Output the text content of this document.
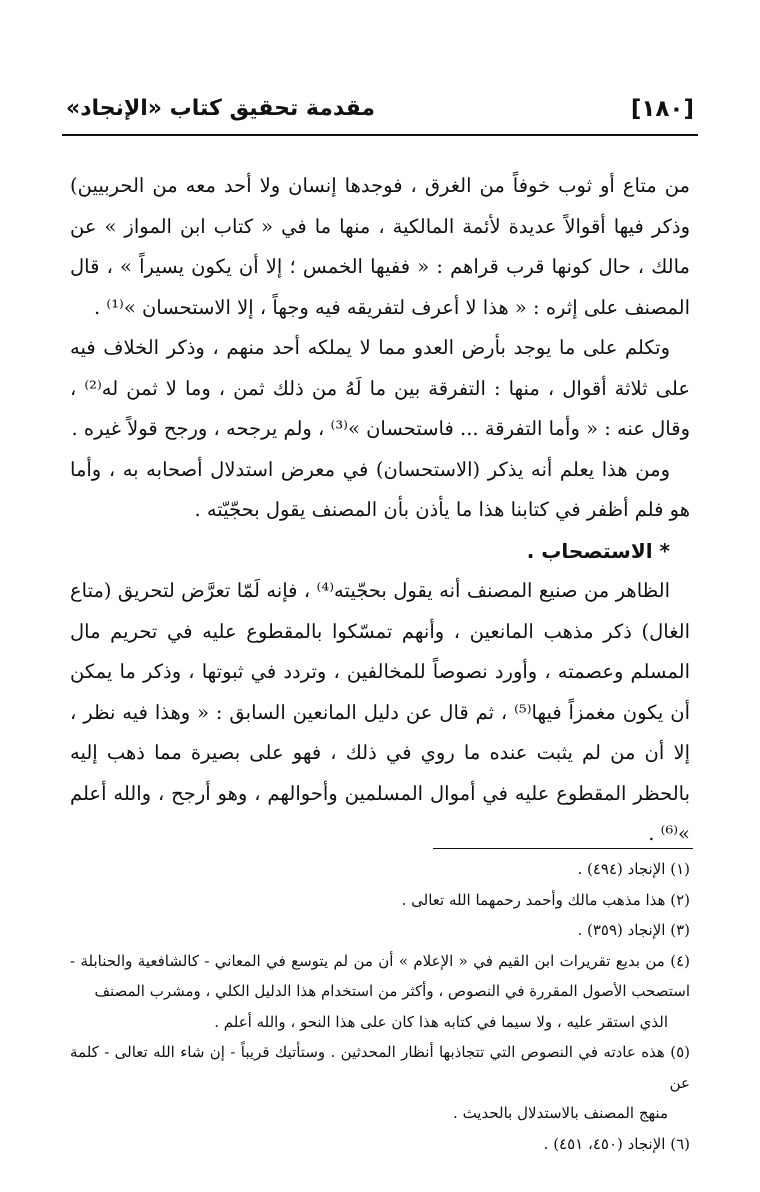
[١٨٠]
مقدمة تحقيق كتاب «الإنجاد»

من متاع أو ثوب خوفاً من الغرق ، فوجدها إنسان ولا أحد معه من الحربيين) وذكر فيها أقوالاً عديدة لأئمة المالكية ، منها ما في « كتاب ابن المواز » عن مالك ، حال كونها قرب قراهم : « ففيها الخمس ؛ إلا أن يكون يسيراً » ، قال المصنف على إثره : « هذا لا أعرف لتفريقه فيه وجهاً ، إلا الاستحسان »⁽¹⁾ .

وتكلم على ما يوجد بأرض العدو مما لا يملكه أحد منهم ، وذكر الخلاف فيه على ثلاثة أقوال ، منها : التفرقة بين ما لَهُ من ذلك ثمن ، وما لا ثمن له⁽²⁾ ، وقال عنه : « وأما التفرقة ... فاستحسان »⁽³⁾ ، ولم يرجحه ، ورجح قولاً غيره .

ومن هذا يعلم أنه يذكر (الاستحسان) في معرض استدلال أصحابه به ، وأما هو فلم أظفر في كتابنا هذا ما يأذن بأن المصنف يقول بحجّيّته .

* الاستصحاب .

الظاهر من صنيع المصنف أنه يقول بحجّيته⁽⁴⁾ ، فإنه لَمّا تعرَّض لتحريق (متاع الغال) ذكر مذهب المانعين ، وأنهم تمسّكوا بالمقطوع عليه في تحريم مال المسلم وعصمته ، وأورد نصوصاً للمخالفين ، وتردد في ثبوتها ، وذكر ما يمكن أن يكون مغمزاً فيها⁽⁵⁾ ، ثم قال عن دليل المانعين السابق : « وهذا فيه نظر ، إلا أن من لم يثبت عنده ما روي في ذلك ، فهو على بصيرة مما ذهب إليه بالحظر المقطوع عليه في أموال المسلمين وأحوالهم ، وهو أرجح ، والله أعلم »⁽⁶⁾ .

(١) الإنجاد (٤٩٤) .

(٢) هذا مذهب مالك وأحمد رحمهما الله تعالى .

(٣) الإنجاد (٣٥٩) .

(٤) من بديع تقريرات ابن القيم في « الإعلام » أن من لم يتوسع في المعاني - كالشافعية والحنابلة - استصحب الأصول المقررة في النصوص ، وأكثر من استخدام هذا الدليل الكلي ، ومشرب المصنف

الذي استقر عليه ، ولا سيما في كتابه هذا كان على هذا النحو ، والله أعلم .

(٥) هذه عادته في النصوص التي تتجاذبها أنظار المحدثين . وستأتيك قريباً - إن شاء الله تعالى - كلمة عن

منهج المصنف بالاستدلال بالحديث .

(٦) الإنجاد (٤٥٠، ٤٥١) .
